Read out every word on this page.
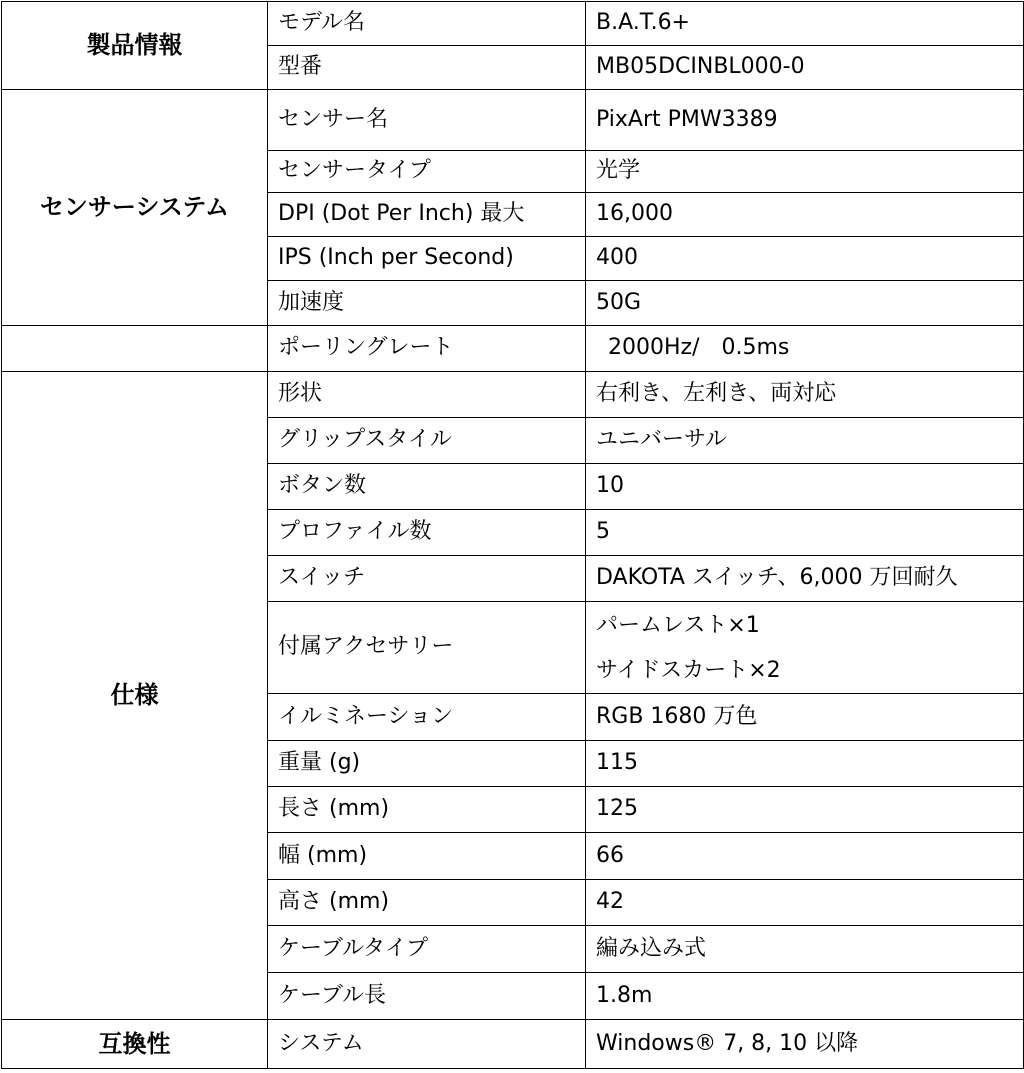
製品情報	モデル名	B.A.T.6+
	型番	MB05DCINBL000-0
センサーシステム	センサー名	PixArt PMW3389
	センサータイプ	光学
	DPI (Dot Per Inch) 最大	16,000
	IPS (Inch per Second)	400
	加速度	50G
	ポーリングレート	2000Hz/　0.5ms
仕様	形状	右利き、左利き、両対応
	グリップスタイル	ユニバーサル
	ボタン数	10
	プロファイル数	5
	スイッチ	DAKOTA スイッチ、6,000 万回耐久
	付属アクセサリー	パームレスト×1
サイドスカート×2

	イルミネーション	RGB 1680 万色
	重量 (g)	115
	長さ (mm)	125
	幅 (mm)	66
	高さ (mm)	42
	ケーブルタイプ	編み込み式
	ケーブル長	1.8m
互換性	システム	Windows® 7, 8, 10 以降
